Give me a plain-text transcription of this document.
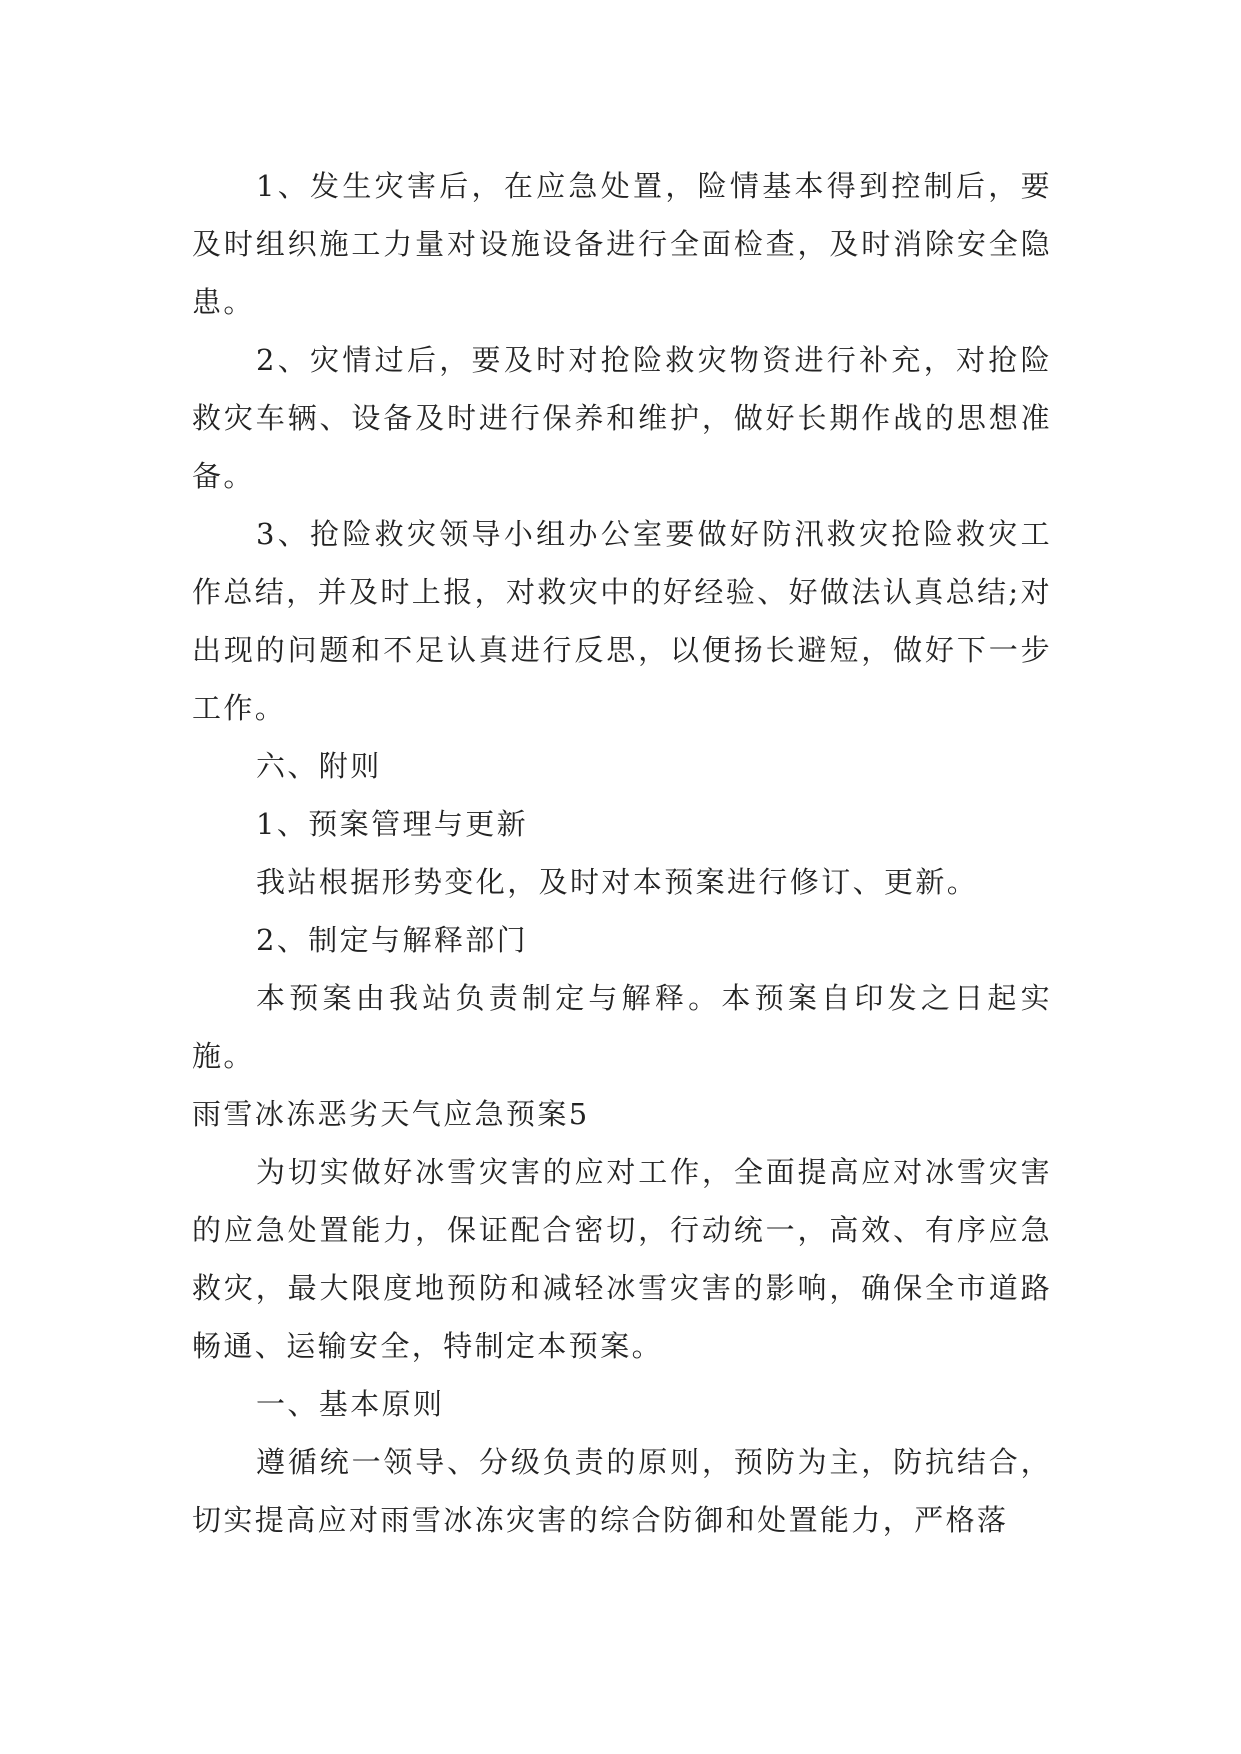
1、发生灾害后，在应急处置，险情基本得到控制后，要及时组织施工力量对设施设备进行全面检查，及时消除安全隐患。

2、灾情过后，要及时对抢险救灾物资进行补充，对抢险救灾车辆、设备及时进行保养和维护，做好长期作战的思想准备。

3、抢险救灾领导小组办公室要做好防汛救灾抢险救灾工作总结，并及时上报，对救灾中的好经验、好做法认真总结;对出现的问题和不足认真进行反思，以便扬长避短，做好下一步工作。

六、附则

1、预案管理与更新

我站根据形势变化，及时对本预案进行修订、更新。

2、制定与解释部门

本预案由我站负责制定与解释。本预案自印发之日起实施。

雨雪冰冻恶劣天气应急预案5

为切实做好冰雪灾害的应对工作，全面提高应对冰雪灾害的应急处置能力，保证配合密切，行动统一，高效、有序应急救灾，最大限度地预防和减轻冰雪灾害的影响，确保全市道路畅通、运输安全，特制定本预案。

一、基本原则

遵循统一领导、分级负责的原则，预防为主，防抗结合，切实提高应对雨雪冰冻灾害的综合防御和处置能力，严格落
